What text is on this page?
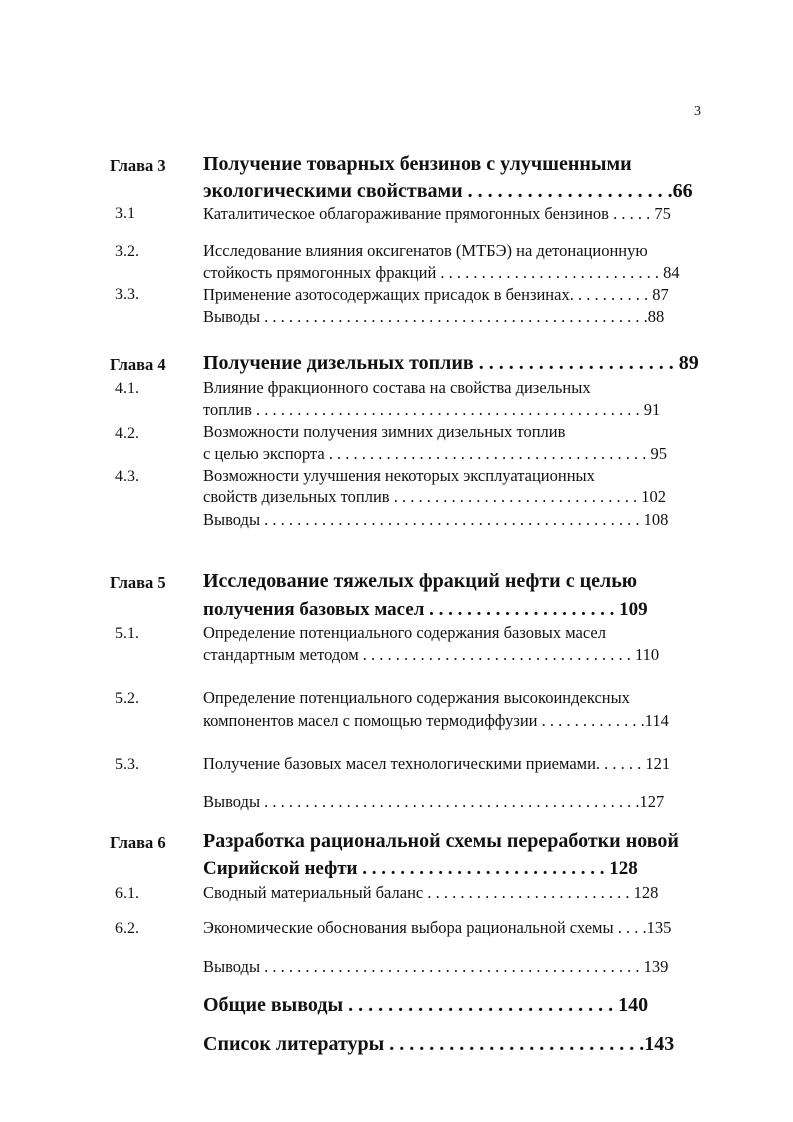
3
Глава 3 Получение товарных бензинов с улучшенными
экологическими свойствами . . . . . . . . . . . . . . . . . . . . .66
3.1	Каталитическое облагораживание прямогонных бензинов . . . . . 75
3.2.	Исследование влияния оксигенатов (МТБЭ) на детонационную
стойкость прямогонных фракций . . . . . . . . . . . . . . . . . . . . . . . . . . . 84
3.3.	Применение азотосодержащих присадок в бензинах. . . . . . . . . . 87
Выводы . . . . . . . . . . . . . . . . . . . . . . . . . . . . . . . . . . . . . . . . . . . . . . .88
Глава 4 Получение дизельных топлив . . . . . . . . . . . . . . . . . . . . 89
4.1.	Влияние фракционного состава на свойства дизельных
топлив . . . . . . . . . . . . . . . . . . . . . . . . . . . . . . . . . . . . . . . . . . . . . . . 91
4.2.	Возможности получения зимних дизельных топлив
с целью экспорта . . . . . . . . . . . . . . . . . . . . . . . . . . . . . . . . . . . . . . . 95
4.3.	Возможности улучшения некоторых эксплуатационных
свойств дизельных топлив . . . . . . . . . . . . . . . . . . . . . . . . . . . . . . 102
Выводы . . . . . . . . . . . . . . . . . . . . . . . . . . . . . . . . . . . . . . . . . . . . . . 108
Глава 5 Исследование тяжелых фракций нефти с целью
получения базовых масел . . . . . . . . . . . . . . . . . . . . 109
5.1.	Определение потенциального содержания базовых масел
стандартным методом . . . . . . . . . . . . . . . . . . . . . . . . . . . . . . . . . 110
5.2.	Определение потенциального содержания высокоиндексных
компонентов масел с помощью термодиффузии . . . . . . . . . . . . .114
5.3.	Получение базовых масел технологическими приемами. . . . . . 121
Выводы . . . . . . . . . . . . . . . . . . . . . . . . . . . . . . . . . . . . . . . . . . . . . .127
Глава 6 Разработка рациональной схемы переработки новой
Сирийской нефти . . . . . . . . . . . . . . . . . . . . . . . . . . 128
6.1.	Сводный материальный баланс . . . . . . . . . . . . . . . . . . . . . . . . . 128
6.2.	Экономические обоснования выбора рациональной схемы . . . .135
Выводы . . . . . . . . . . . . . . . . . . . . . . . . . . . . . . . . . . . . . . . . . . . . . . 139
Общие выводы . . . . . . . . . . . . . . . . . . . . . . . . . . . 140
Список литературы . . . . . . . . . . . . . . . . . . . . . . . . . .143
